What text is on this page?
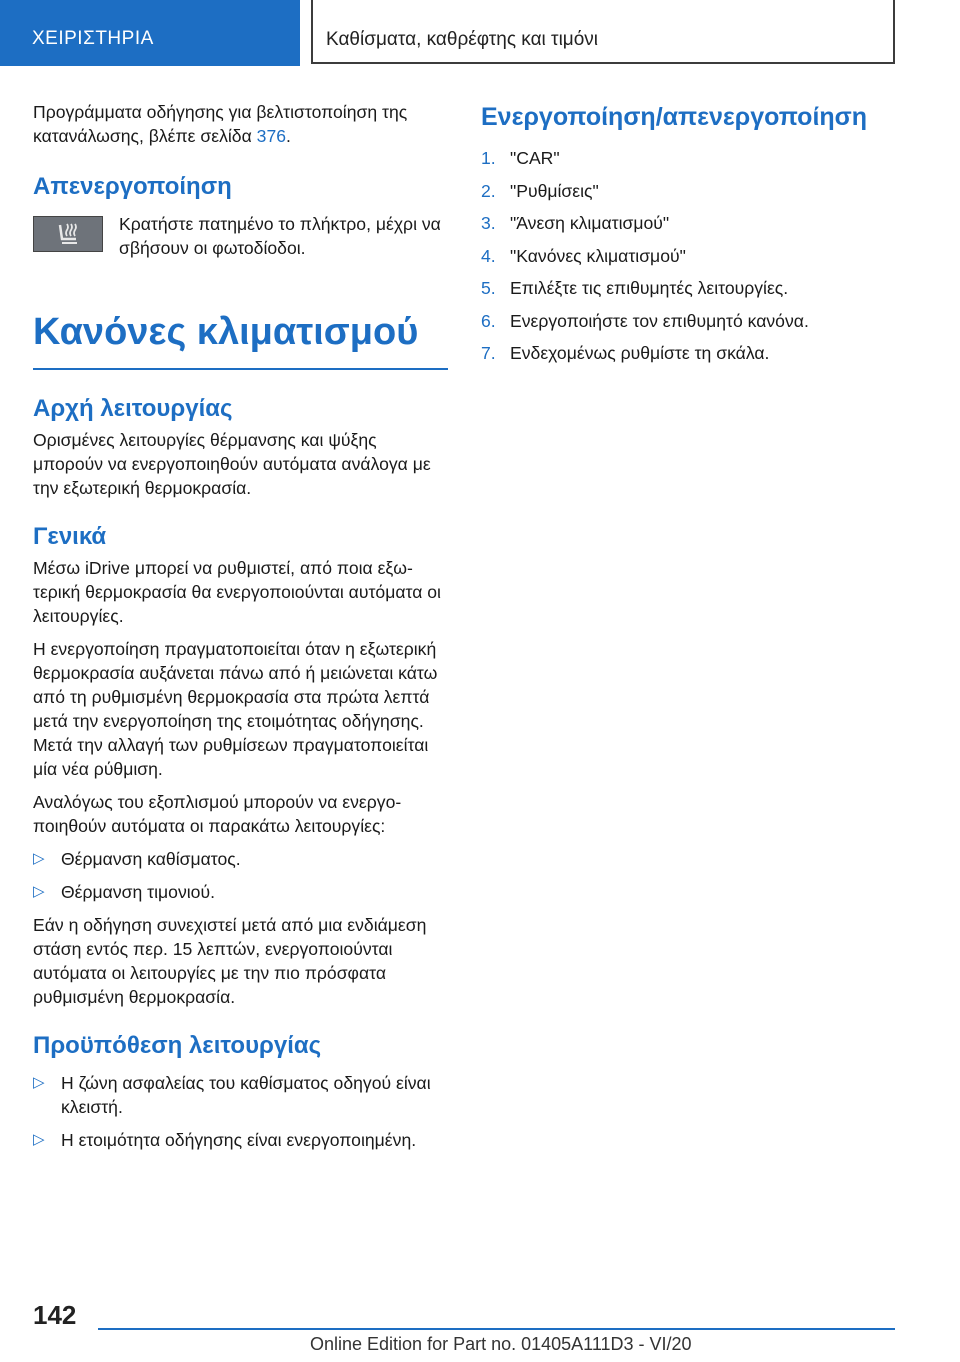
ΧΕΙΡΙΣΤΗΡΙΑ	Καθίσματα, καθρέφτης και τιμόνι

Προγράμματα οδήγησης για βελτιστοποίηση της κατανάλωσης, βλέπε σελίδα 376.

Απενεργοποίηση

Κρατήστε πατημένο το πλήκτρο, μέχρι να σβήσουν οι φωτοδίοδοι.

Κανόνες κλιματισμού
Αρχή λειτουργίας

Ορισμένες λειτουργίες θέρμανσης και ψύξης μπορούν να ενεργοποιηθούν αυτόματα ανάλογα με την εξωτερική θερμοκρασία.

Γενικά

Μέσω iDrive μπορεί να ρυθμιστεί, από ποια εξωτερική θερμοκρασία θα ενεργοποιούνται αυτόματα οι λειτουργίες.

Η ενεργοποίηση πραγματοποιείται όταν η εξωτερική θερμοκρασία αυξάνεται πάνω από ή μειώνεται κάτω από τη ρυθμισμένη θερμοκρασία στα πρώτα λεπτά μετά την ενεργοποίηση της ετοιμότητας οδήγησης. Μετά την αλλαγή των ρυθμίσεων πραγματοποιείται μία νέα ρύθμιση.

Αναλόγως του εξοπλισμού μπορούν να ενεργοποιηθούν αυτόματα οι παρακάτω λειτουργίες:

▷ Θέρμανση καθίσματος.
▷ Θέρμανση τιμονιού.

Εάν η οδήγηση συνεχιστεί μετά από μια ενδιάμεση στάση εντός περ. 15 λεπτών, ενεργοποιούνται αυτόματα οι λειτουργίες με την πιο πρόσφατα ρυθμισμένη θερμοκρασία.

Προϋπόθεση λειτουργίας
▷ Η ζώνη ασφαλείας του καθίσματος οδηγού είναι κλειστή.
▷ Η ετοιμότητα οδήγησης είναι ενεργοποιημένη.
Ενεργοποίηση/απενεργοποίηση
1. "CAR"
2. "Ρυθμίσεις"
3. "Άνεση κλιματισμού"
4. "Κανόνες κλιματισμού"
5. Επιλέξτε τις επιθυμητές λειτουργίες.
6. Ενεργοποιήστε τον επιθυμητό κανόνα.
7. Ενδεχομένως ρυθμίστε τη σκάλα.
142
Online Edition for Part no. 01405A111D3 - VI/20
